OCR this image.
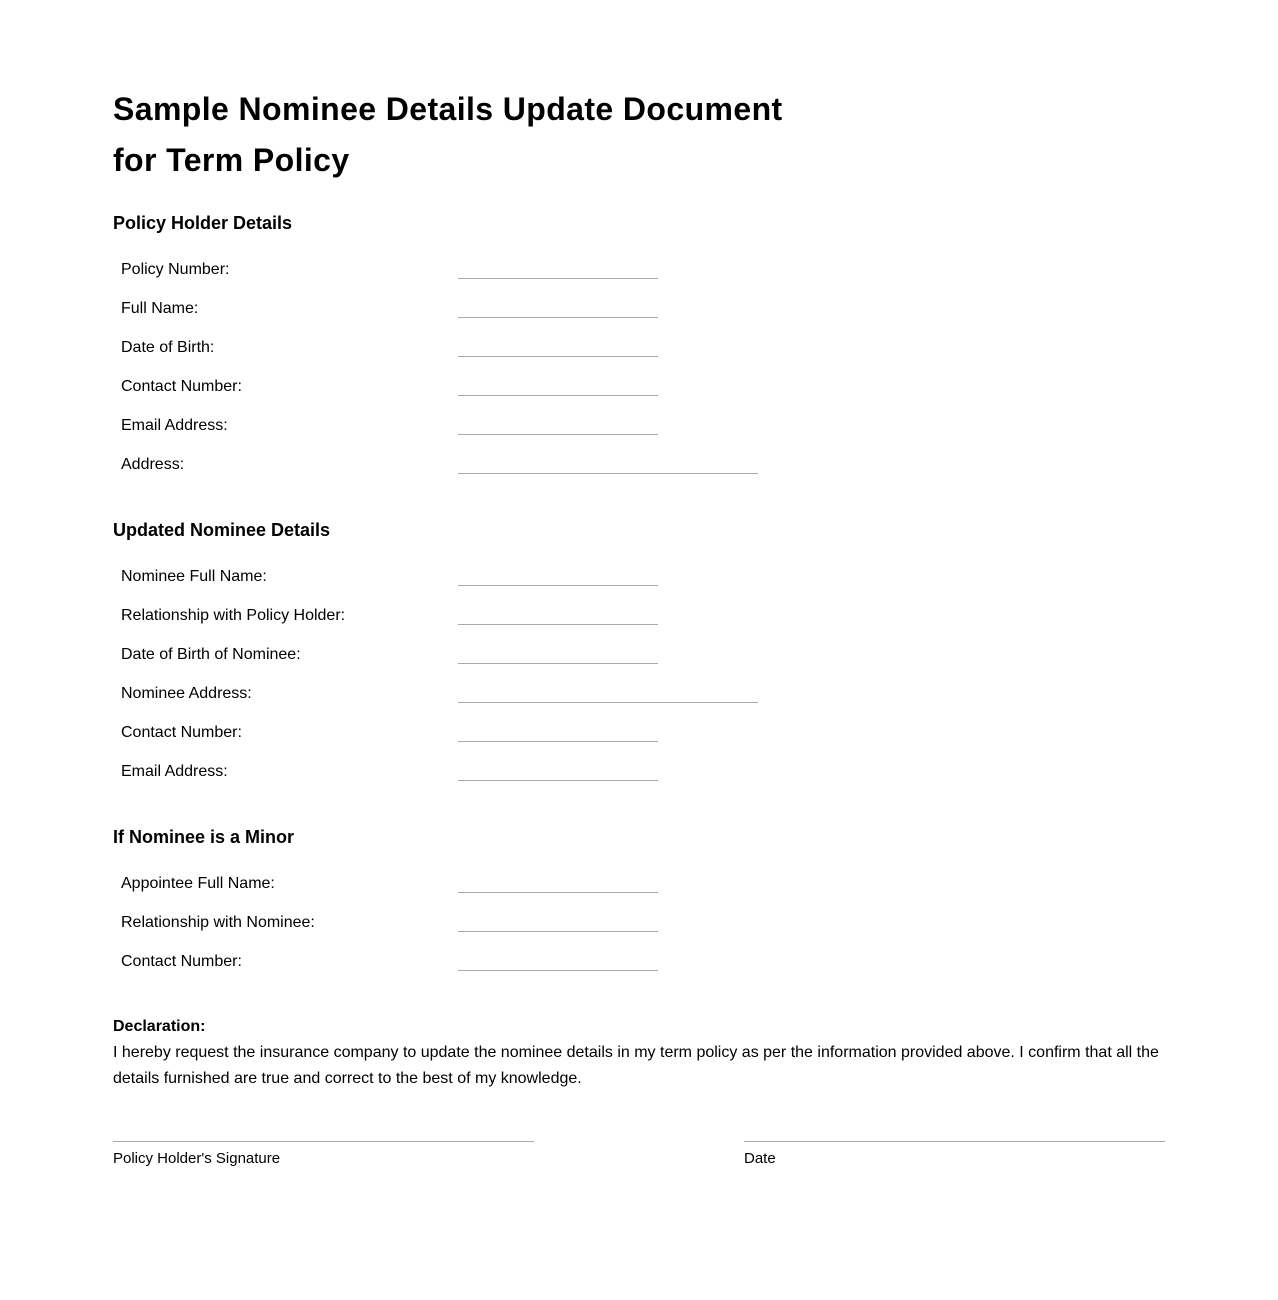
Sample Nominee Details Update Document for Term Policy
Policy Holder Details
Policy Number:
Full Name:
Date of Birth:
Contact Number:
Email Address:
Address:
Updated Nominee Details
Nominee Full Name:
Relationship with Policy Holder:
Date of Birth of Nominee:
Nominee Address:
Contact Number:
Email Address:
If Nominee is a Minor
Appointee Full Name:
Relationship with Nominee:
Contact Number:
Declaration:
I hereby request the insurance company to update the nominee details in my term policy as per the information provided above. I confirm that all the details furnished are true and correct to the best of my knowledge.
Policy Holder's Signature	Date
